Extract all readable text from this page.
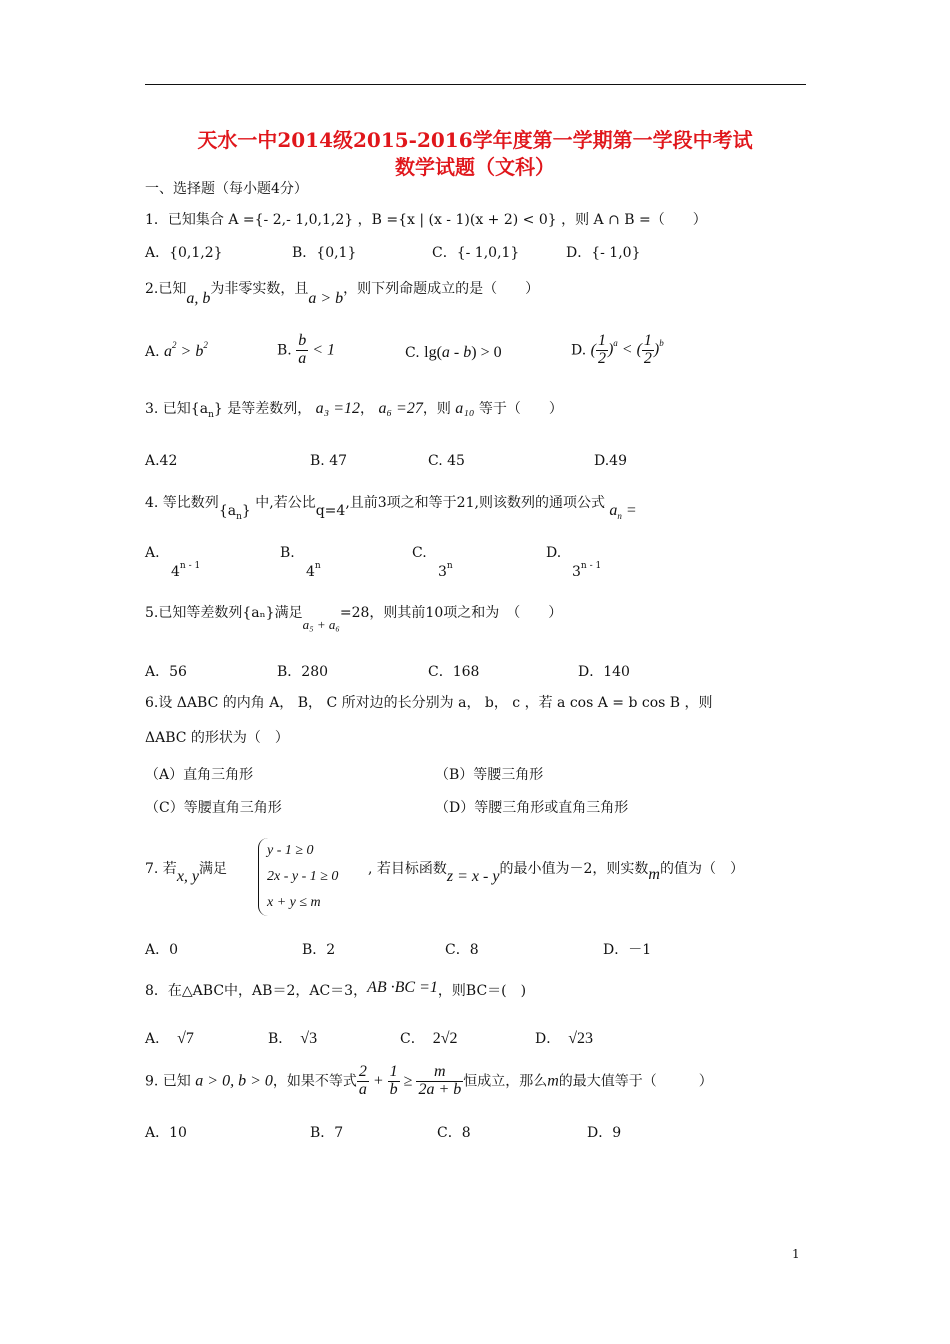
天水一中2014级2015-2016学年度第一学期第一学段中考试
数学试题（文科）
一、选择题（每小题4分）
1．已知集合 A ={- 2,- 1,0,1,2} ，B ={x | (x - 1)(x + 2) < 0} ，则 A ∩ B =（　　）
A．{0,1,2}	B．{0,1}	C．{- 1,0,1}	D．{- 1,0}
2.已知a, b为非零实数，且a > b，则下列命题成立的是（　　）
A. $a^2 > b^2$	B. $\frac{b}{a} < 1$	C. lg(a - b) > 0	D. ( $\frac{1}{2} )^a$ < ( $\frac{1}{2} )^b$
3. 已知$\{a_n\}$ 是等差数列， a₃ =12， a₆ =27，则 a₁₀ 等于（　　）
A.42	B. 47	C. 45	D.49
4. 等比数列$\{a_n\}$ 中,若公比q=4,且前3项之和等于21,则该数列的通项公式 $a_n$ =
A.
4$^{n - 1}$
B.
4$^n$
C.
3$^n$
D.
3$^{n - 1}$
5.已知等差数列{aₙ}满足a₅ + a₆=28，则其前10项之和为　（　　）
A．56	B．280	C．168	D．140
6.设 ΔABC 的内角 A， B， C 所对边的长分别为 a， b， c ，若 a cos A = b cos B ，则
ΔABC 的形状为（　）
（A）直角三角形	（B）等腰三角形
（C）等腰直角三角形	（D）等腰三角形或直角三角形
7. 若x, y满足
y - 1 ≥ 0
2x - y - 1 ≥ 0
x + y ≤ m
, 若目标函数z = x - y的最小值为－2，则实数m的值为（　）
A．0	B．2	C．8	D．－1
8．在△ABC中，AB＝2，AC＝3，AB ·BC =1，则BC＝(　)
A． √7	B． √3	C． 2√2	D． √23
9. 已知 a > 0, b > 0，如果不等式 $\frac{2}{a} + \frac{1}{b} \ge \frac{m}{2a + b}$ 恒成立，那么m的最大值等于（　　　）
A．10	B．7	C．8	D．9
1
